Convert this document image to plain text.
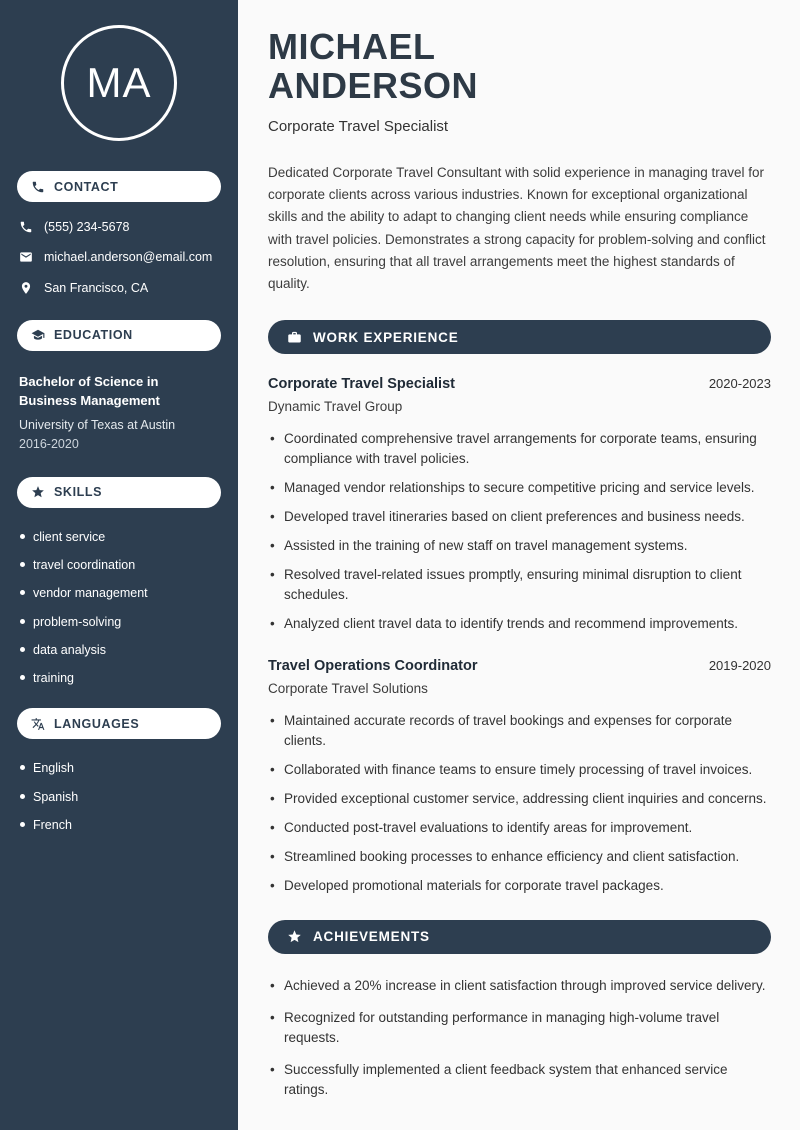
MA
CONTACT
(555) 234-5678
michael.anderson@email.com
San Francisco, CA
EDUCATION
Bachelor of Science in Business Management
University of Texas at Austin
2016-2020
SKILLS
client service
travel coordination
vendor management
problem-solving
data analysis
training
LANGUAGES
English
Spanish
French
MICHAEL
ANDERSON
Corporate Travel Specialist

Dedicated Corporate Travel Consultant with solid experience in managing travel for corporate clients across various industries. Known for exceptional organizational skills and the ability to adapt to changing client needs while ensuring compliance with travel policies. Demonstrates a strong capacity for problem-solving and conflict resolution, ensuring that all travel arrangements meet the highest standards of quality.

WORK EXPERIENCE
Corporate Travel Specialist	2020-2023
Dynamic Travel Group
• Coordinated comprehensive travel arrangements for corporate teams, ensuring compliance with travel policies.
• Managed vendor relationships to secure competitive pricing and service levels.
• Developed travel itineraries based on client preferences and business needs.
• Assisted in the training of new staff on travel management systems.
• Resolved travel-related issues promptly, ensuring minimal disruption to client schedules.
• Analyzed client travel data to identify trends and recommend improvements.
Travel Operations Coordinator	2019-2020
Corporate Travel Solutions
• Maintained accurate records of travel bookings and expenses for corporate clients.
• Collaborated with finance teams to ensure timely processing of travel invoices.
• Provided exceptional customer service, addressing client inquiries and concerns.
• Conducted post-travel evaluations to identify areas for improvement.
• Streamlined booking processes to enhance efficiency and client satisfaction.
• Developed promotional materials for corporate travel packages.
ACHIEVEMENTS
• Achieved a 20% increase in client satisfaction through improved service delivery.
• Recognized for outstanding performance in managing high-volume travel requests.
• Successfully implemented a client feedback system that enhanced service ratings.
